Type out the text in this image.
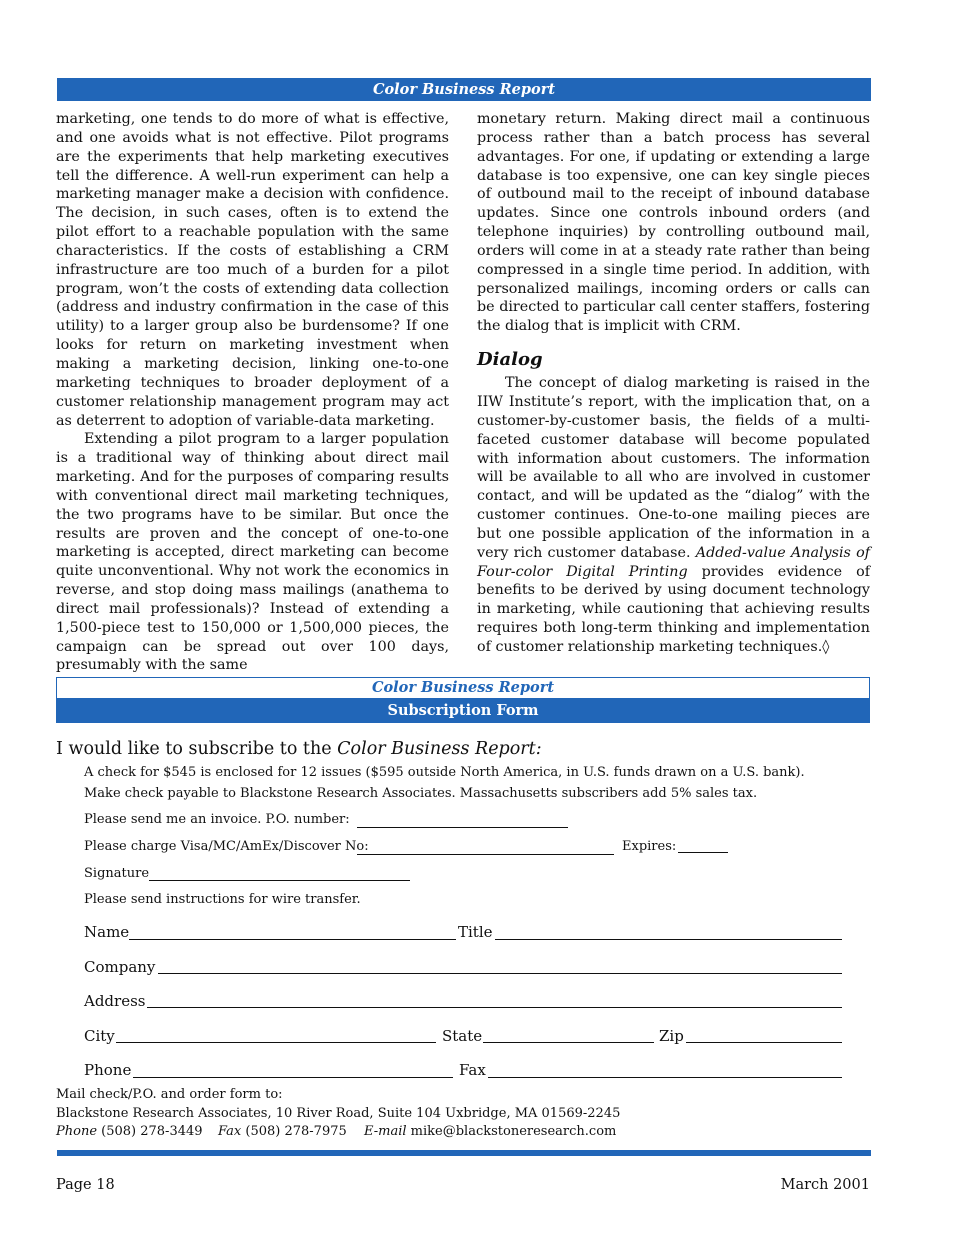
Color Business Report

marketing, one tends to do more of what is effective, and one avoids what is not effective. Pilot programs are the experiments that help marketing executives tell the difference. A well-run experiment can help a marketing manager make a decision with confidence. The decision, in such cases, often is to extend the pilot effort to a reachable population with the same characteristics. If the costs of establishing a CRM infrastructure are too much of a burden for a pilot program, won’t the costs of extending data collection (address and industry confirmation in the case of this utility) to a larger group also be burdensome? If one looks for return on marketing investment when making a marketing decision, linking one-to-one marketing techniques to broader deployment of a customer relationship management program may act as deterrent to adoption of variable-data marketing.

Extending a pilot program to a larger population is a traditional way of thinking about direct mail marketing. And for the purposes of comparing results with conventional direct mail marketing techniques, the two programs have to be similar. But once the results are proven and the concept of one-to-one marketing is accepted, direct marketing can become quite unconventional. Why not work the economics in reverse, and stop doing mass mailings (anathema to direct mail professionals)? Instead of extending a 1,500-piece test to 150,000 or 1,500,000 pieces, the campaign can be spread out over 100 days, presumably with the same

monetary return. Making direct mail a continuous process rather than a batch process has several advantages. For one, if updating or extending a large database is too expensive, one can key single pieces of outbound mail to the receipt of inbound database updates. Since one controls inbound orders (and telephone inquiries) by controlling outbound mail, orders will come in at a steady rate rather than being compressed in a single time period. In addition, with personalized mailings, incoming orders or calls can be directed to particular call center staffers, fostering the dialog that is implicit with CRM.

Dialog

The concept of dialog marketing is raised in the IIW Institute’s report, with the implication that, on a customer-by-customer basis, the fields of a multi-faceted customer database will become populated with information about customers. The information will be available to all who are involved in customer contact, and will be updated as the “dialog” with the customer continues. One-to-one mailing pieces are but one possible application of the information in a very rich customer database. Added-value Analysis of Four-color Digital Printing provides evidence of benefits to be derived by using document technology in marketing, while cautioning that achieving results requires both long-term thinking and implementation of customer relationship marketing techniques.◊

Color Business Report
Subscription Form
I would like to subscribe to the Color Business Report:
A check for $545 is enclosed for 12 issues ($595 outside North America, in U.S. funds drawn on a U.S. bank).
Make check payable to Blackstone Research Associates. Massachusetts subscribers add 5% sales tax.
Please send me an invoice. P.O. number:
Please charge Visa/MC/AmEx/Discover No:	Expires:
Signature
Please send instructions for wire transfer.
Name	Title
Company
Address
City	State	Zip
Phone	Fax
Mail check/P.O. and order form to:
Blackstone Research Associates, 10 River Road, Suite 104 Uxbridge, MA 01569-2245
Phone (508) 278-3449 Fax (508) 278-7975 E-mail mike@blackstoneresearch.com
Page 18	March 2001
